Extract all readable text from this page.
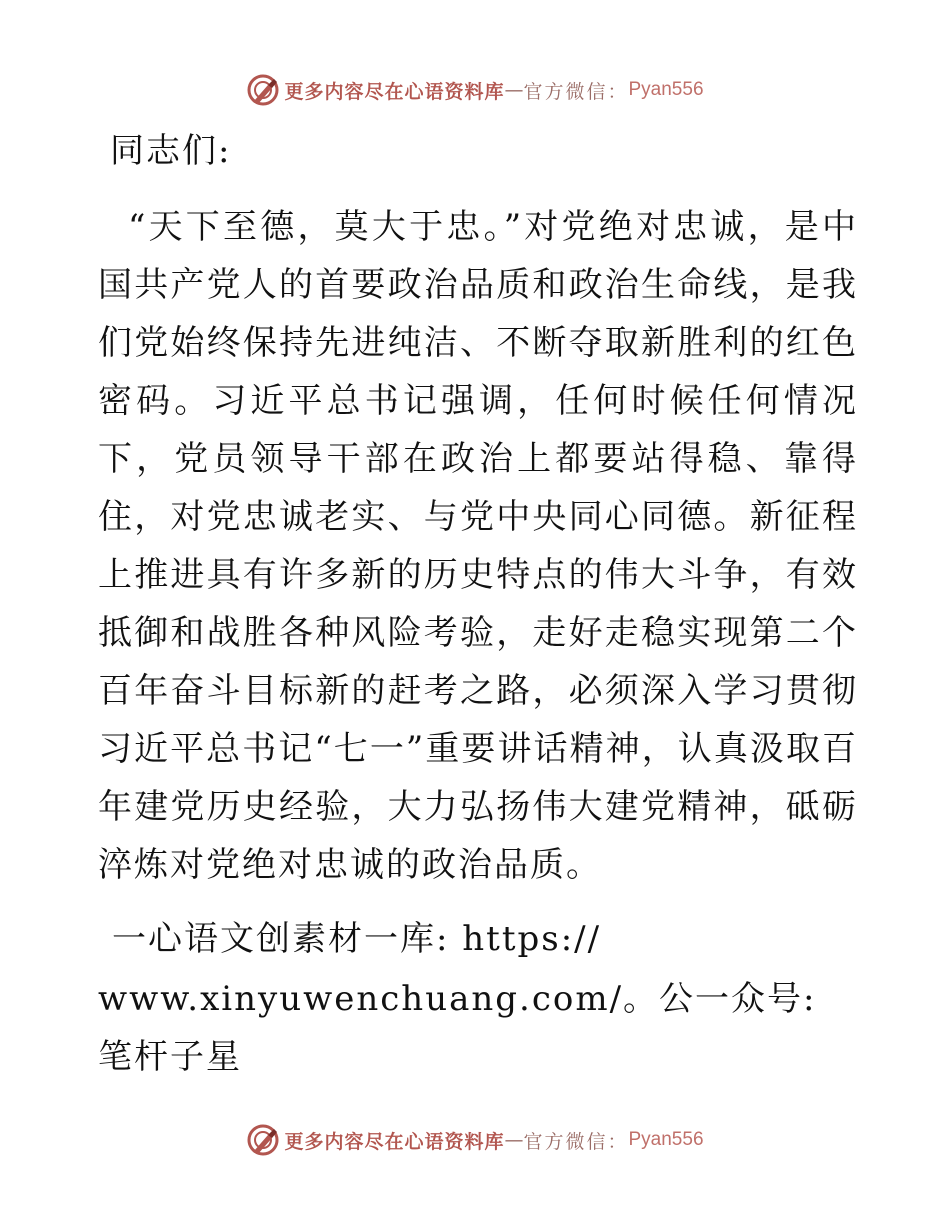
更多内容尽在心语资料库 — 官方微信： Pyan556
同志们:

“天下至德，莫大于忠。”对党绝对忠诚，是中国共产党人的首要政治品质和政治生命线，是我们党始终保持先进纯洁、不断夺取新胜利的红色密码。习近平总书记强调，任何时候任何情况下，党员领导干部在政治上都要站得稳、靠得住，对党忠诚老实、与党中央同心同德。新征程上推进具有许多新的历史特点的伟大斗争，有效抵御和战胜各种风险考验，走好走稳实现第二个百年奋斗目标新的赶考之路，必须深入学习贯彻习近平总书记“七一”重要讲话精神，认真汲取百年建党历史经验，大力弘扬伟大建党精神，砥砺淬炼对党绝对忠诚的政治品质。

一心语文创素材一库: https://
www.xinyuwenchuang.com/。公一众号: 笔杆子星
更多内容尽在心语资料库 — 官方微信： Pyan556
